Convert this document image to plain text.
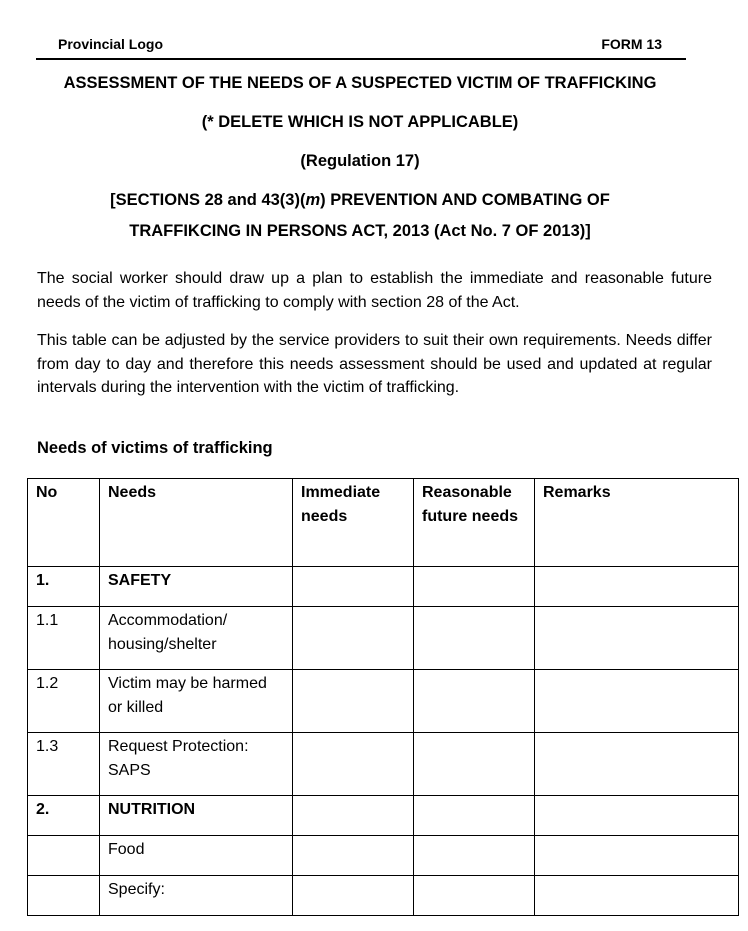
Provincial Logo	FORM 13
ASSESSMENT OF THE NEEDS OF A SUSPECTED VICTIM OF TRAFFICKING
(* DELETE WHICH IS NOT APPLICABLE)
(Regulation 17)
[SECTIONS 28 and 43(3)(m) PREVENTION AND COMBATING OF
TRAFFIKCING IN PERSONS ACT, 2013 (Act No. 7 OF 2013)]
The social worker should draw up a plan to establish the immediate and reasonable future needs of the victim of trafficking to comply with section 28 of the Act.
This table can be adjusted by the service providers to suit their own requirements. Needs differ from day to day and therefore this needs assessment should be used and updated at regular intervals during the intervention with the victim of trafficking.
Needs of victims of trafficking
No	Needs	Immediate needs	Reasonable future needs	Remarks
1.	SAFETY			
1.1	Accommodation/ housing/shelter			
1.2	Victim may be harmed or killed			
1.3	Request Protection: SAPS			
2.	NUTRITION			
	Food			
	Specify:			
